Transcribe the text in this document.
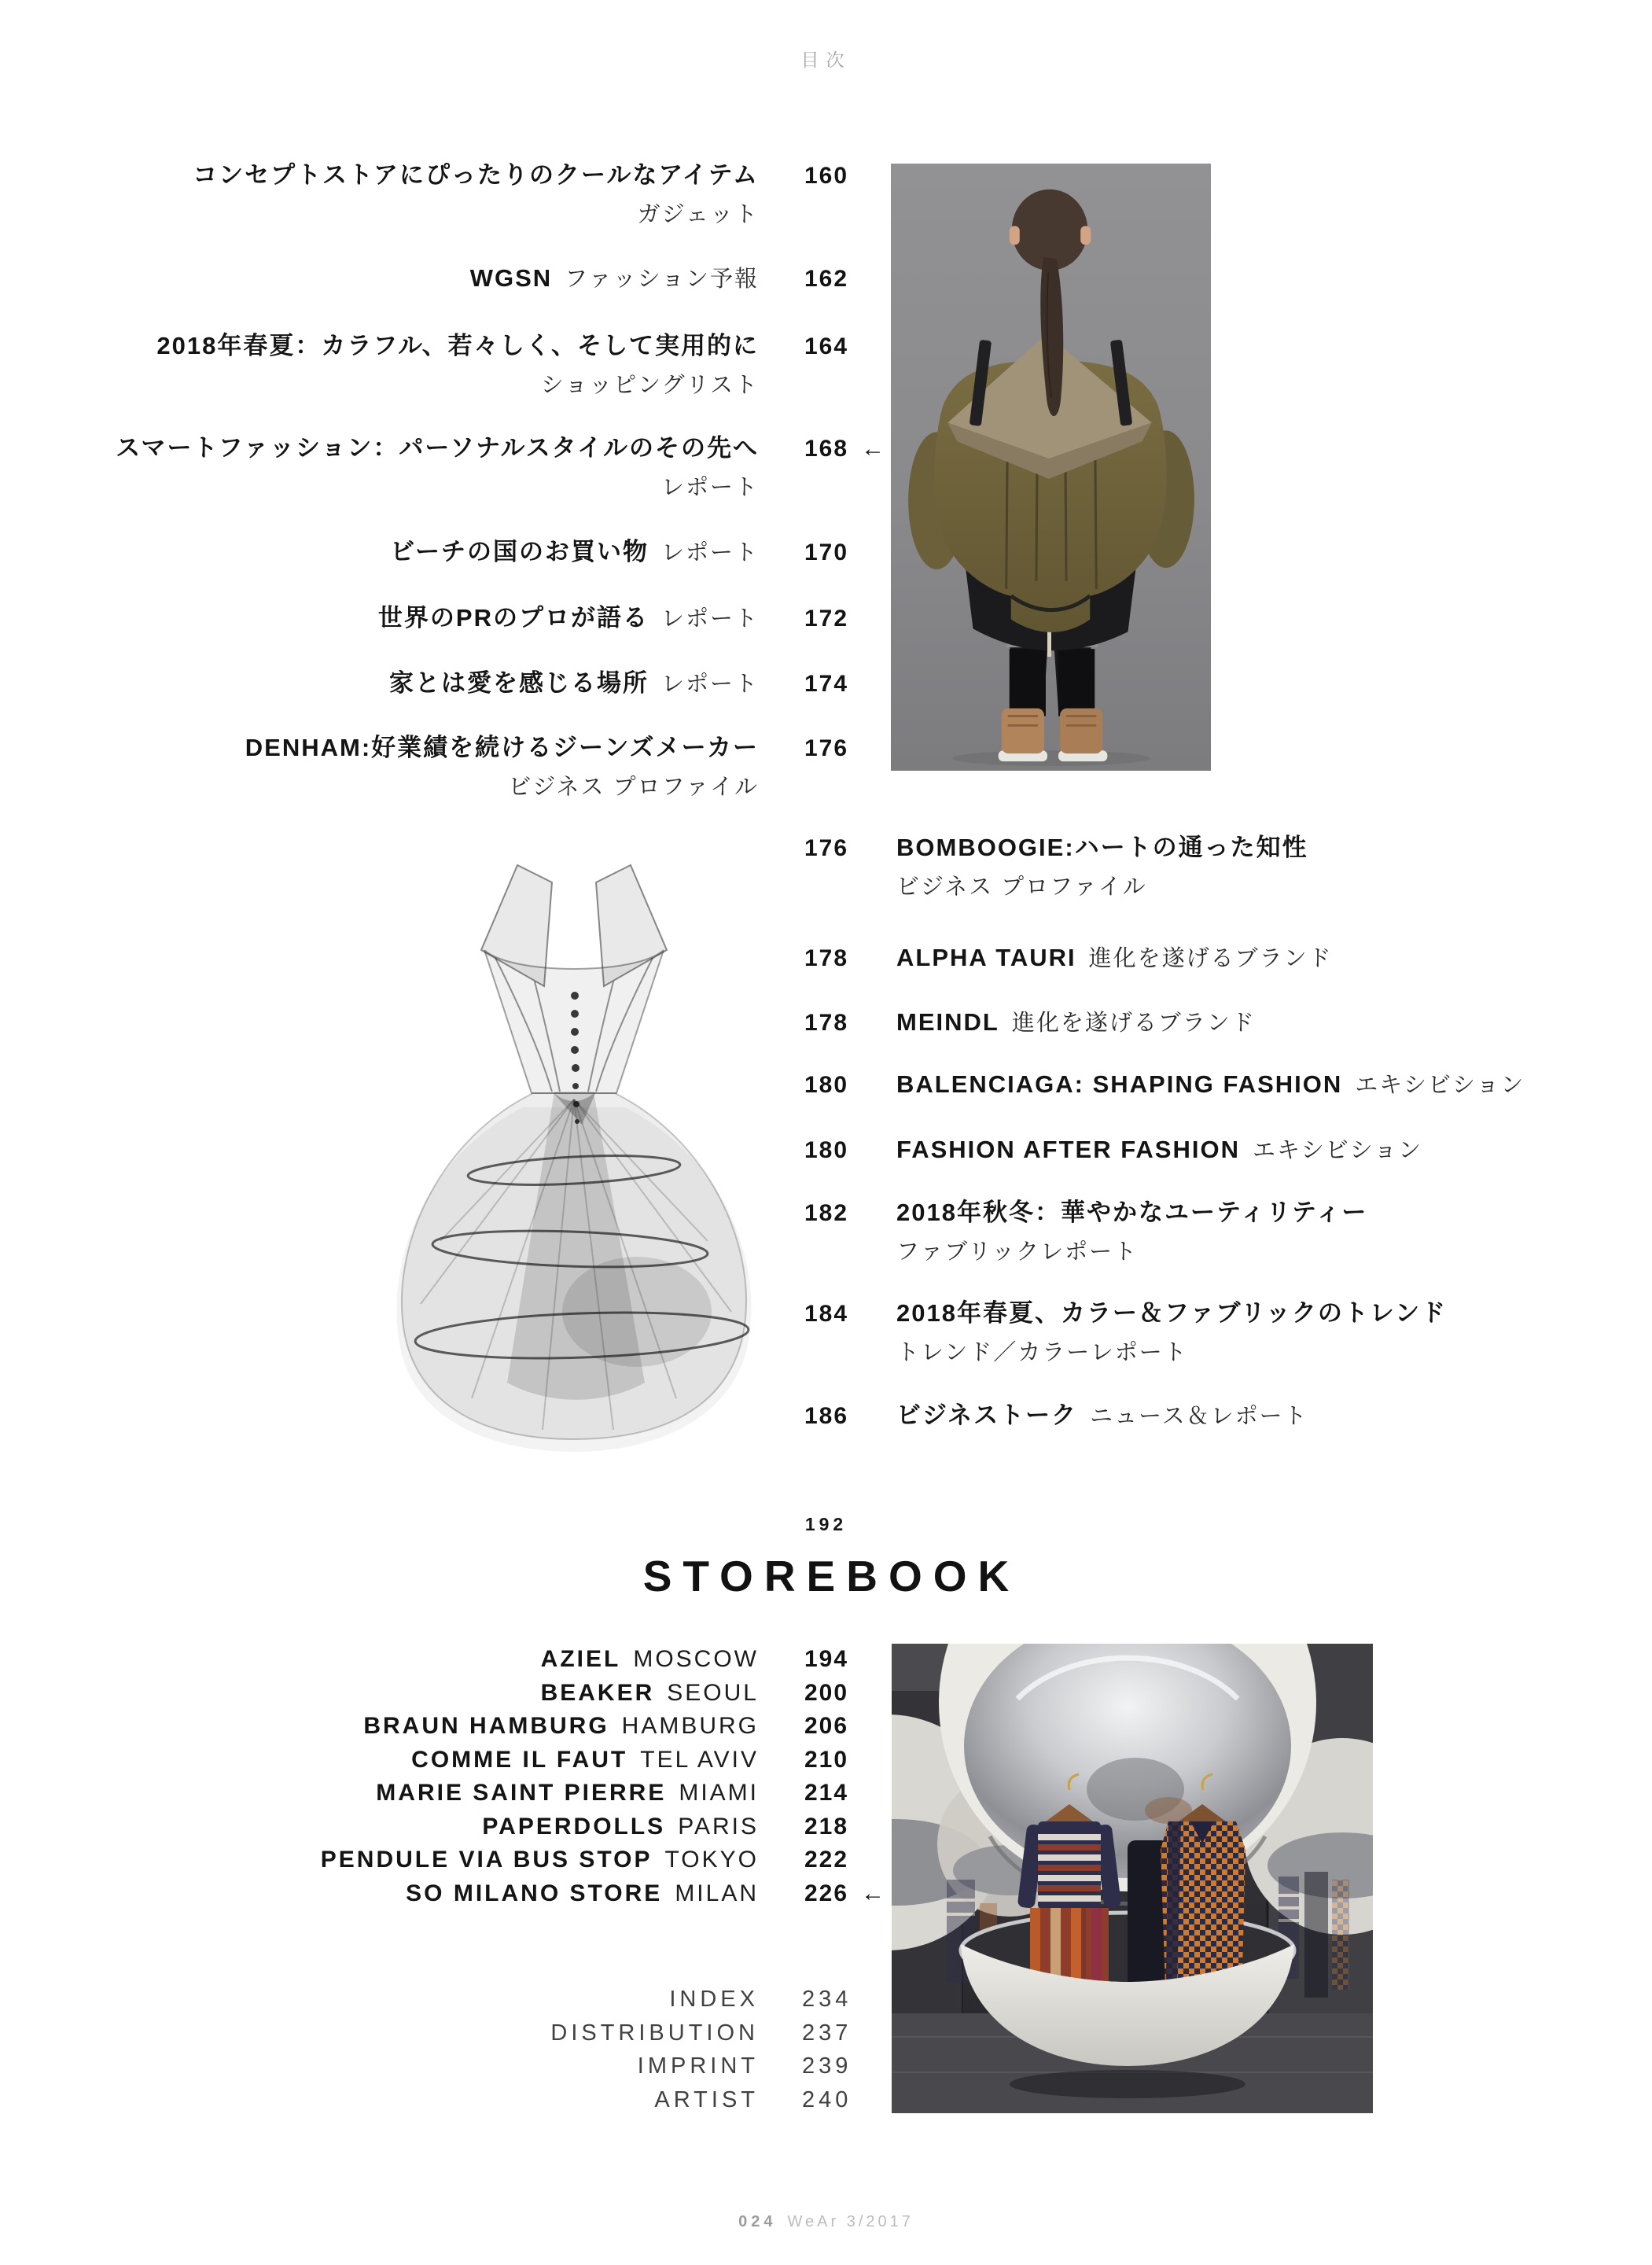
目次
コンセプトストアにぴったりのクールなアイテム	160
ガジェット
WGSN ファッション予報	162
2018年春夏：カラフル、若々しく、そして実用的に	164
ショッピングリスト
スマートファッション：パーソナルスタイルのその先へ	168 ←
レポート
ビーチの国のお買い物 レポート	170
世界のPRのプロが語る レポート	172
家とは愛を感じる場所 レポート	174
DENHAM:好業績を続けるジーンズメーカー	176
ビジネス プロファイル
176	BOMBOOGIE:ハートの通った知性
ビジネス プロファイル
178	ALPHA TAURI 進化を遂げるブランド
178	MEINDL 進化を遂げるブランド
180	BALENCIAGA: SHAPING FASHION エキシビション
180	FASHION AFTER FASHION エキシビション
182	2018年秋冬：華やかなユーティリティー
ファブリックレポート
184	2018年春夏、カラー＆ファブリックのトレンド
トレンド／カラーレポート
186	ビジネストーク ニュース＆レポート
192
STOREBOOK
AZIEL MOSCOW	194
BEAKER SEOUL	200
BRAUN HAMBURG HAMBURG	206
COMME IL FAUT TEL AVIV	210
MARIE SAINT PIERRE MIAMI	214
PAPERDOLLS PARIS	218
PENDULE VIA BUS STOP TOKYO	222
SO MILANO STORE MILAN	226 ←
INDEX	234
DISTRIBUTION	237
IMPRINT	239
ARTIST	240
024 WeAr 3/2017
